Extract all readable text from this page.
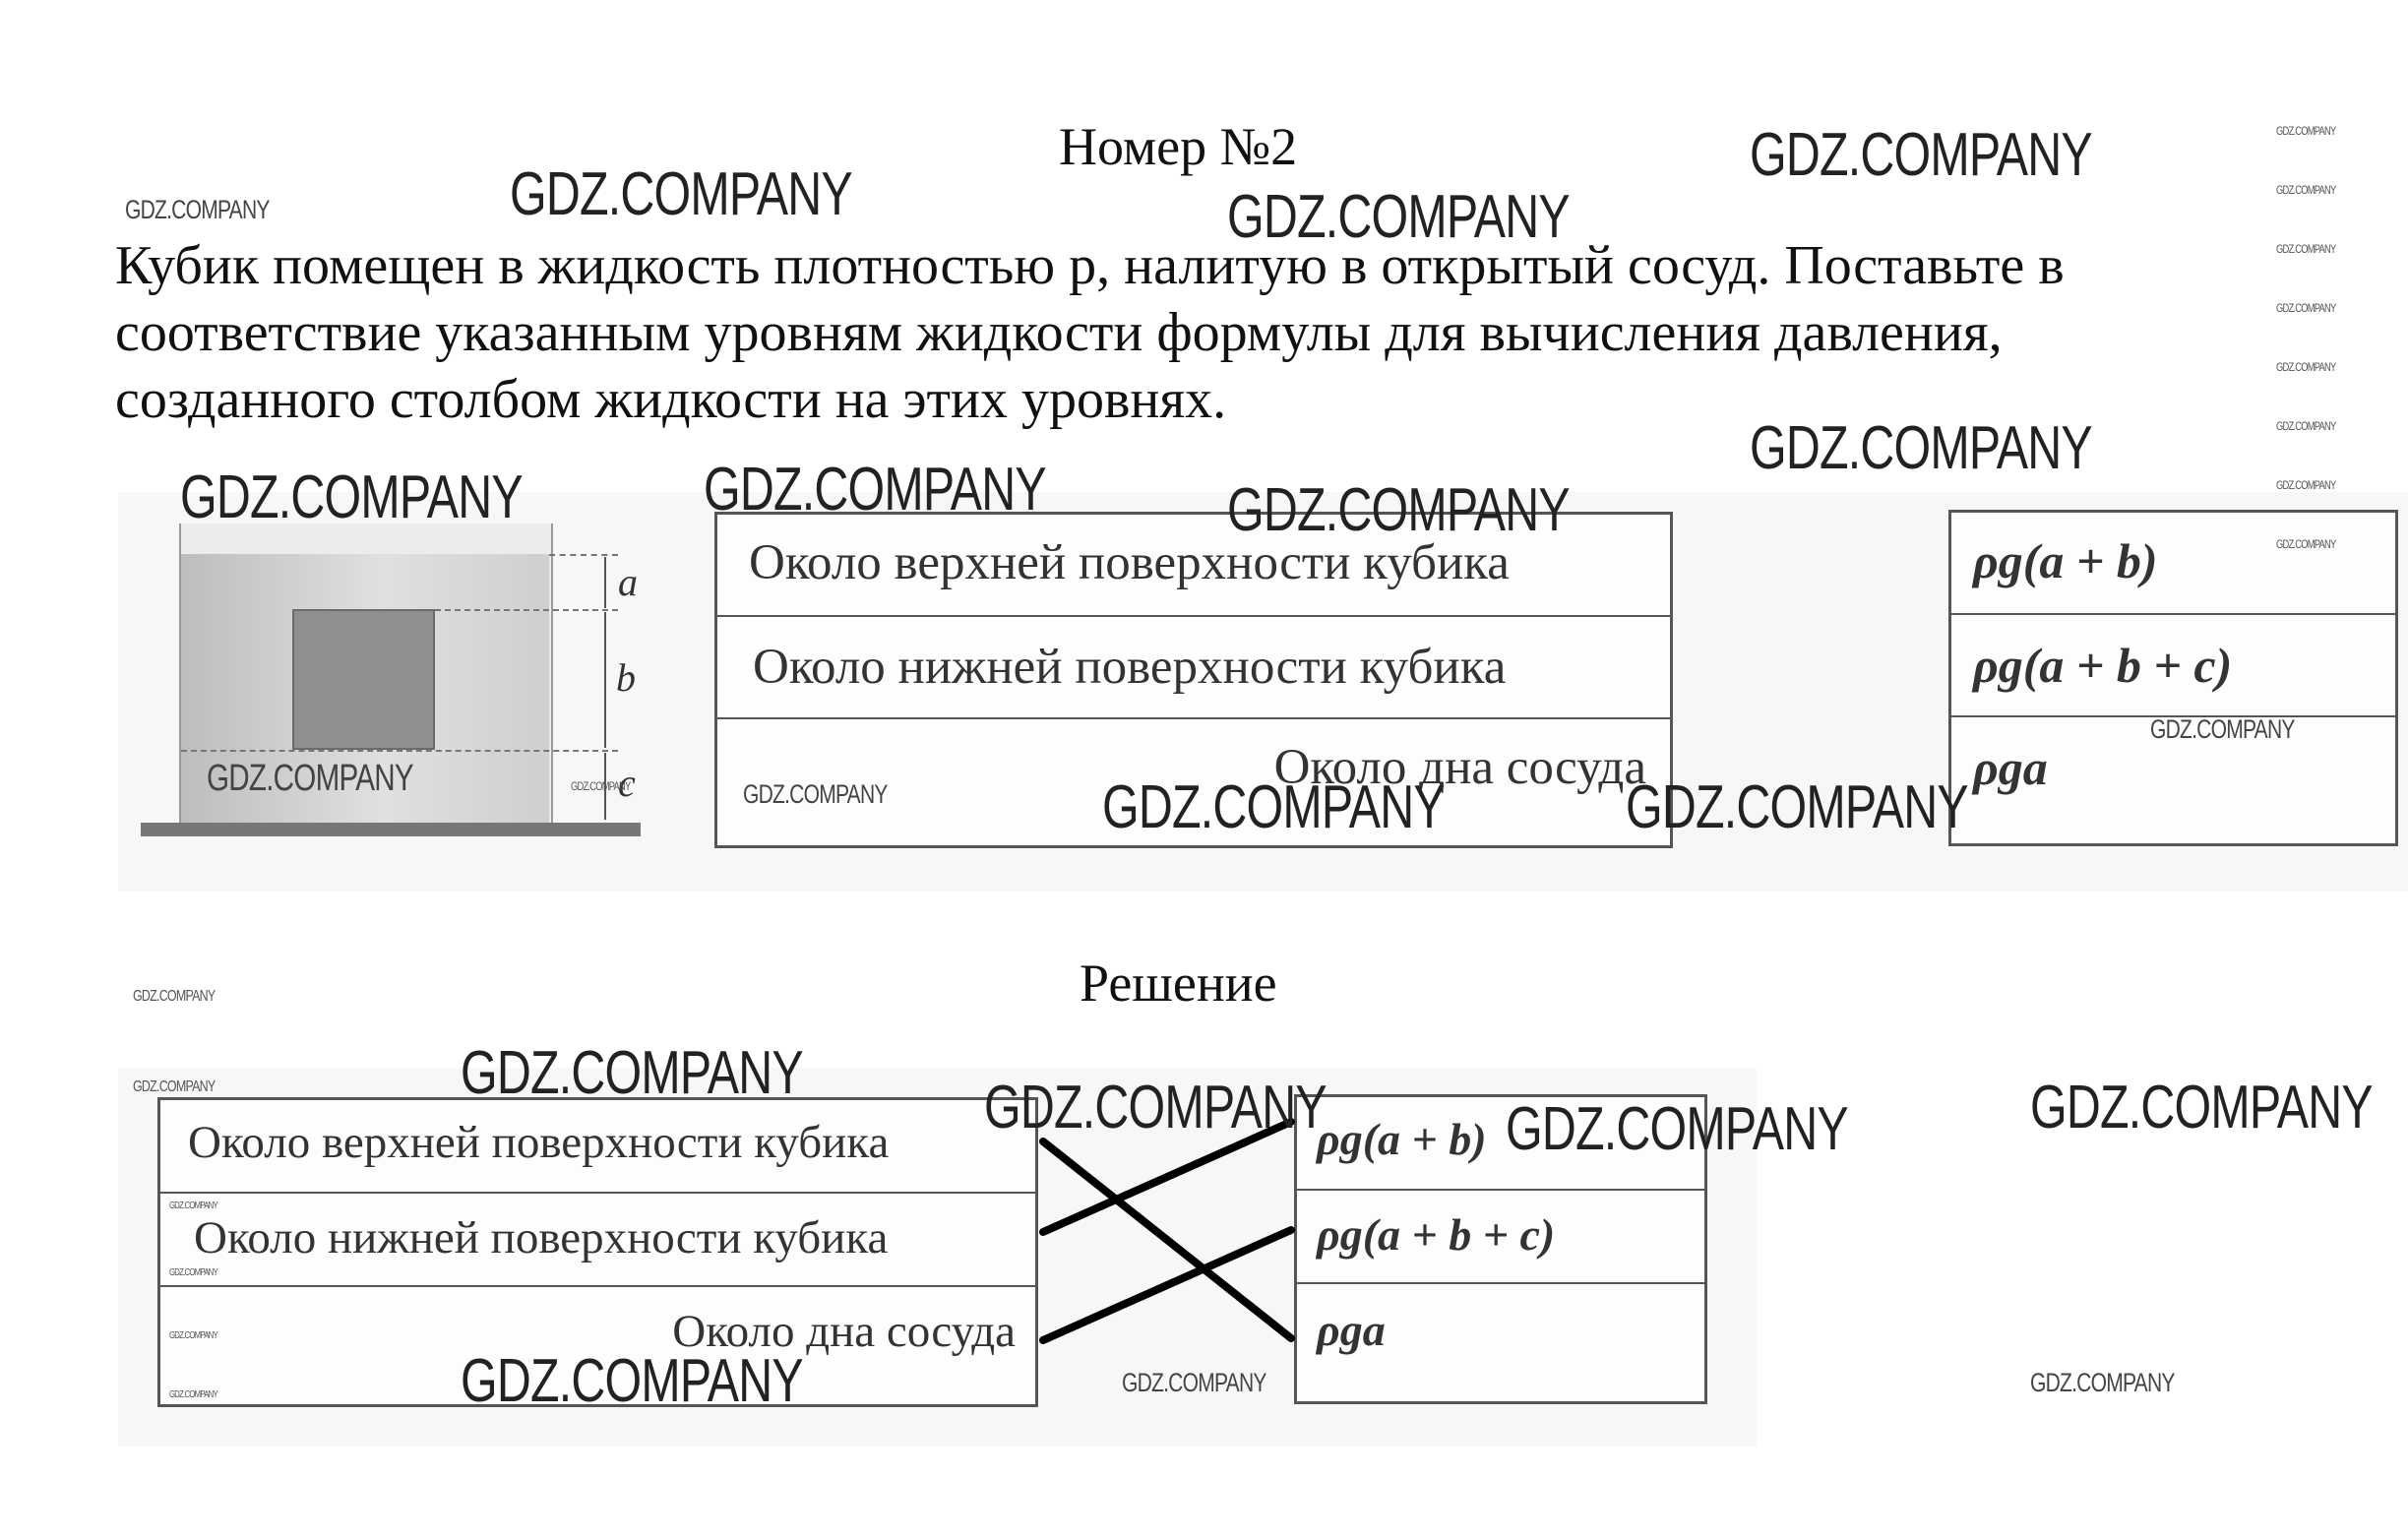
Номер №2
Кубик помещен в жидкость плотностью р, налитую в открытый сосуд. Поставьте в
соответствие указанным уровням жидкости формулы для вычисления давления,
созданного столбом жидкости на этих уровнях.
a
b
c
Около верхней поверхности кубика
Около нижней поверхности кубика
Около дна сосуда
ρg(a + b)
ρg(a + b + c)
ρga
Решение
Около верхней поверхности кубика
Около нижней поверхности кубика
Около дна сосуда
ρg(a + b)
ρg(a + b + c)
ρga
GDZ.COMPANY
GDZ.COMPANY
GDZ.COMPANY
GDZ.COMPANY
GDZ.COMPANY
GDZ.COMPANY	GDZ.COMPANY	GDZ.COMPANY
GDZ.COMPANY	GDZ.COMPANY
GDZ.COMPANY
GDZ.COMPANY	GDZ.COMPANY
GDZ.COMPANY
GDZ.COMPANY
GDZ.COMPANY	GDZ.COMPANY	GDZ.COMPANY
GDZ.COMPANY	GDZ.COMPANY	GDZ.COMPANY
GDZ.COMPANY
GDZ.COMPANY
GDZ.COMPANY
GDZ.COMPANY
GDZ.COMPANY
GDZ.COMPANY
GDZ.COMPANY
GDZ.COMPANY
GDZ.COMPANY
GDZ.COMPANY
GDZ.COMPANY
GDZ.COMPANY
GDZ.COMPANY
GDZ.COMPANY
